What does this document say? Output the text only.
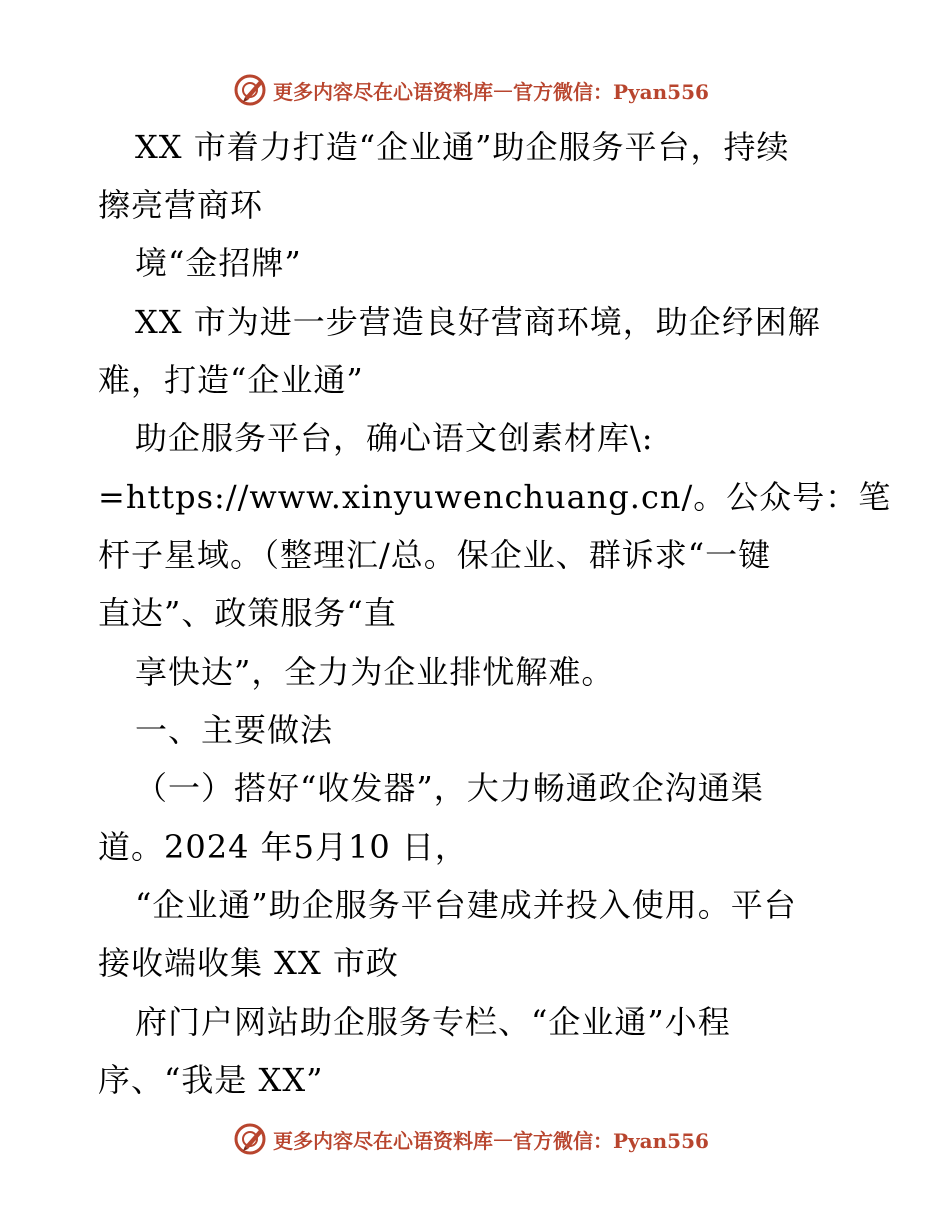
更多内容尽在心语资料库 — 官方微信：Pyan556
XX 市着力打造“企业通”助企服务平台，持续
擦亮营商环
境“金招牌”
XX 市为进一步营造良好营商环境，助企纾困解
难，打造“企业通”
助企服务平台，确心语文创素材库\:
=https://www.xinyuwenchuang.cn/。公众号：笔
杆子星域。（整理汇/总。保企业、群诉求“一键
直达”、政策服务“直
享快达”，全力为企业排忧解难。
一、主要做法
（一）搭好“收发器”，大力畅通政企沟通渠
道。2024 年5月10 日，
“企业通”助企服务平台建成并投入使用。平台
接收端收集 XX 市政
府门户网站助企服务专栏、“企业通”小程
序、“我是 XX”
更多内容尽在心语资料库 — 官方微信：Pyan556
